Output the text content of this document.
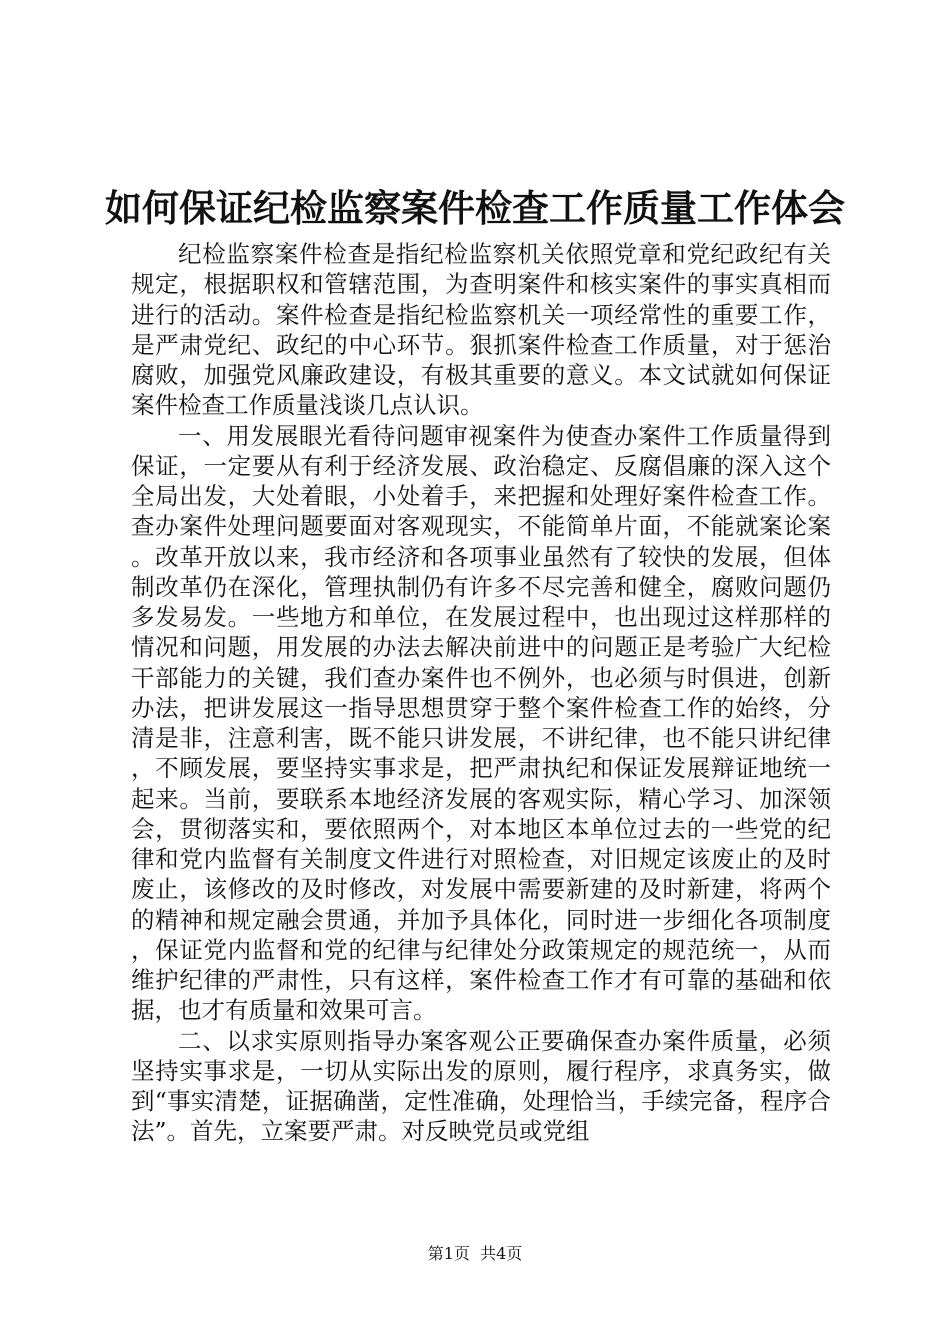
如何保证纪检监察案件检查工作质量工作体会

纪检监察案件检查是指纪检监察机关依照党章和党纪政纪有关规定，根据职权和管辖范围，为查明案件和核实案件的事实真相而进行的活动。案件检查是指纪检监察机关一项经常性的重要工作，是严肃党纪、政纪的中心环节。狠抓案件检查工作质量，对于惩治腐败，加强党风廉政建设，有极其重要的意义。本文试就如何保证案件检查工作质量浅谈几点认识。

一、用发展眼光看待问题审视案件为使查办案件工作质量得到保证，一定要从有利于经济发展、政治稳定、反腐倡廉的深入这个全局出发，大处着眼，小处着手，来把握和处理好案件检查工作。查办案件处理问题要面对客观现实，不能简单片面，不能就案论案。改革开放以来，我市经济和各项事业虽然有了较快的发展，但体制改革仍在深化，管理执制仍有许多不尽完善和健全，腐败问题仍多发易发。一些地方和单位，在发展过程中，也出现过这样那样的情况和问题，用发展的办法去解决前进中的问题正是考验广大纪检干部能力的关键，我们查办案件也不例外，也必须与时俱进，创新办法，把讲发展这一指导思想贯穿于整个案件检查工作的始终，分清是非，注意利害，既不能只讲发展，不讲纪律，也不能只讲纪律，不顾发展，要坚持实事求是，把严肃执纪和保证发展辩证地统一起来。当前，要联系本地经济发展的客观实际，精心学习、加深领会，贯彻落实和，要依照两个，对本地区本单位过去的一些党的纪律和党内监督有关制度文件进行对照检查，对旧规定该废止的及时废止，该修改的及时修改，对发展中需要新建的及时新建，将两个的精神和规定融会贯通，并加予具体化，同时进一步细化各项制度，保证党内监督和党的纪律与纪律处分政策规定的规范统一，从而维护纪律的严肃性，只有这样，案件检查工作才有可靠的基础和依据，也才有质量和效果可言。

二、以求实原则指导办案客观公正要确保查办案件质量，必须坚持实事求是，一切从实际出发的原则，履行程序，求真务实，做到“事实清楚，证据确凿，定性准确，处理恰当，手续完备，程序合法”。首先，立案要严肃。对反映党员或党组

第1页  共4页
